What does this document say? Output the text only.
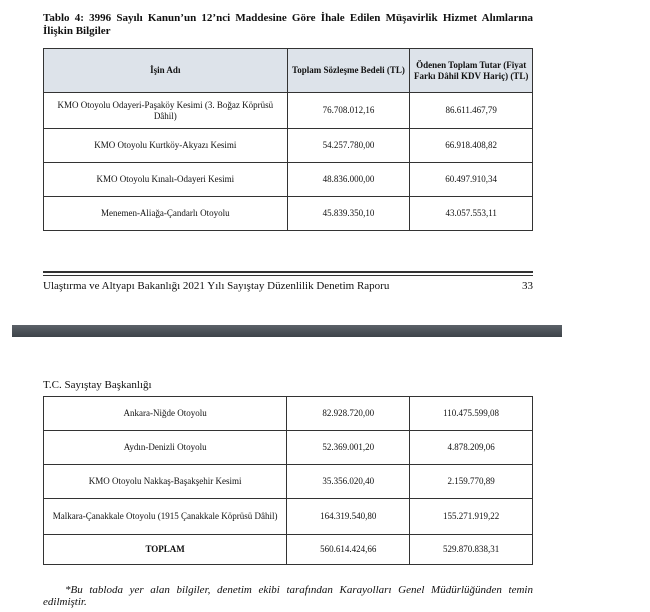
Tablo 4: 3996 Sayılı Kanun’un 12’nci Maddesine Göre İhale Edilen Müşavirlik Hizmet Alımlarına İlişkin Bilgiler
İşin Adı	Toplam Sözleşme Bedeli (TL)	Ödenen Toplam Tutar (Fiyat Farkı Dâhil KDV Hariç) (TL)
KMO Otoyolu Odayeri-Paşaköy Kesimi (3. Boğaz Köprüsü Dâhil)	76.708.012,16	86.611.467,79
KMO Otoyolu Kurtköy-Akyazı Kesimi	54.257.780,00	66.918.408,82
KMO Otoyolu Kınalı-Odayeri Kesimi	48.836.000,00	60.497.910,34
Menemen-Aliağa-Çandarlı Otoyolu	45.839.350,10	43.057.553,11
Ulaştırma ve Altyapı Bakanlığı 2021 Yılı Sayıştay Düzenlilik Denetim Raporu	33
T.C. Sayıştay Başkanlığı
Ankara-Niğde Otoyolu	82.928.720,00	110.475.599,08
Aydın-Denizli Otoyolu	52.369.001,20	4.878.209,06
KMO Otoyolu Nakkaş-Başakşehir Kesimi	35.356.020,40	2.159.770,89
Malkara-Çanakkale Otoyolu (1915 Çanakkale Köprüsü Dâhil)	164.319.540,80	155.271.919,22
TOPLAM	560.614.424,66	529.870.838,31
*Bu tabloda yer alan bilgiler, denetim ekibi tarafından Karayolları Genel Müdürlüğünden temin edilmiştir.
